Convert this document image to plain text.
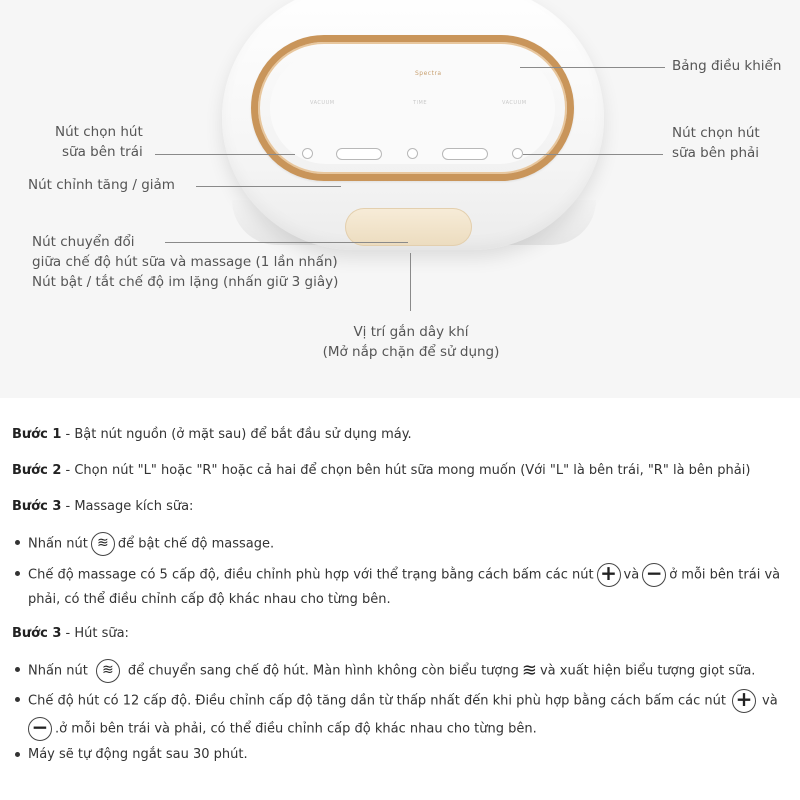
Spectra
VACUUM	TIME	VACUUM
Bảng điều khiển
Nút chọn hút
sữa bên trái
Nút chỉnh tăng / giảm
Nút chuyển đổi
giữa chế độ hút sữa và massage (1 lần nhấn)
Nút bật / tắt chế độ im lặng (nhấn giữ 3 giây)
Nút chọn hút
sữa bên phải
Vị trí gắn dây khí
(Mở nắp chặn để sử dụng)
Bước 1 - Bật nút nguồn (ở mặt sau) để bắt đầu sử dụng máy.
Bước 2 - Chọn nút "L" hoặc "R" hoặc cả hai để chọn bên hút sữa mong muốn (Với "L" là bên trái, "R" là bên phải)
Bước 3 - Massage kích sữa:
Nhấn nút ≋ để bật chế độ massage.
Chế độ massage có 5 cấp độ, điều chỉnh phù hợp với thể trạng bằng cách bấm các nút + và − ở mỗi bên trái và
phải, có thể điều chỉnh cấp độ khác nhau cho từng bên.
Bước 3 - Hút sữa:
Nhấn nút ≋ để chuyển sang chế độ hút. Màn hình không còn biểu tượng ≋ và xuất hiện biểu tượng giọt sữa.
Chế độ hút có 12 cấp độ. Điều chỉnh cấp độ tăng dần từ thấp nhất đến khi phù hợp bằng cách bấm các nút + và
− .ở mỗi bên trái và phải, có thể điều chỉnh cấp độ khác nhau cho từng bên.
Máy sẽ tự động ngắt sau 30 phút.
